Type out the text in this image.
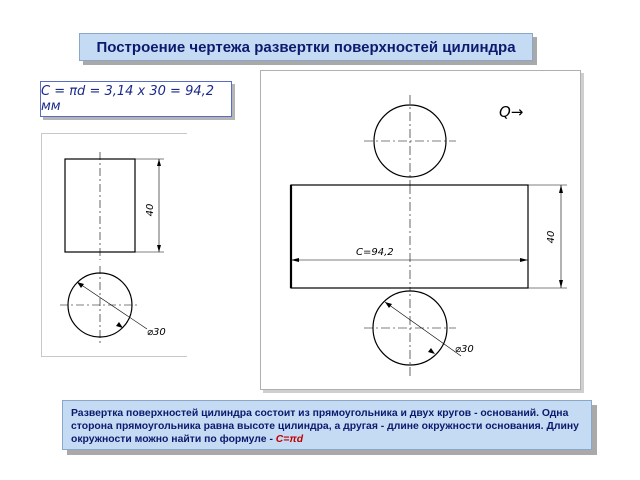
Построение чертежа развертки поверхностей цилиндра
C = πd = 3,14 x 30 = 94,2 мм
40
⌀30
Q→
C=94,2
40
⌀30
Развертка поверхностей цилиндра состоит из прямоугольника и двух кругов - оснований. Одна сторона прямоугольника равна высоте цилиндра, а другая - длине окружности основания. Длину окружности можно найти по формуле - C=πd
